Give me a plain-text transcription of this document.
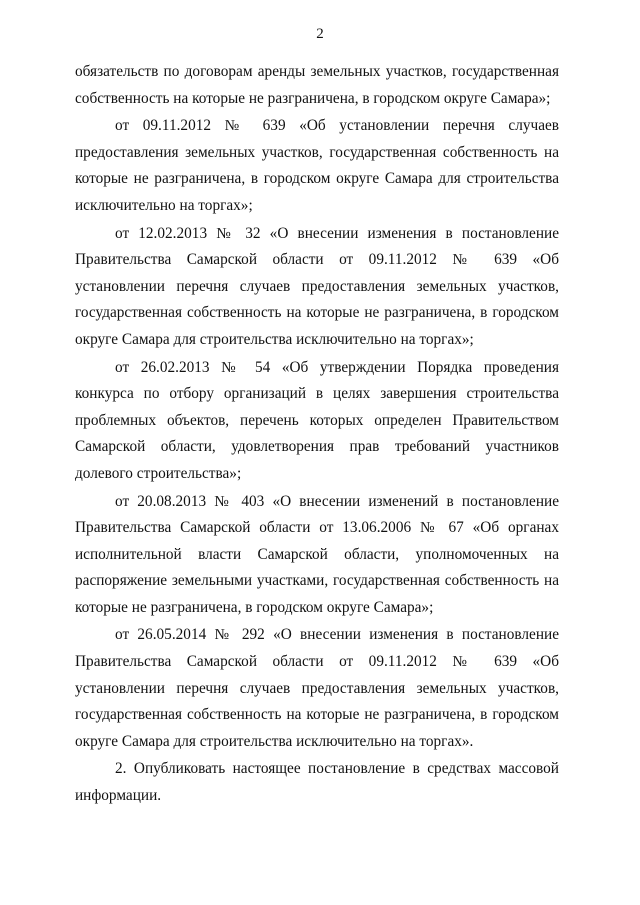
2

обязательств по договорам аренды земельных участков, государственная собственность на которые не разграничена, в городском округе Самара»;

от 09.11.2012 № 639 «Об установлении перечня случаев предоставления земельных участков, государственная собственность на которые не разграничена, в городском округе Самара для строительства исключительно на торгах»;

от 12.02.2013 № 32 «О внесении изменения в постановление Правительства Самарской области от 09.11.2012 № 639 «Об установлении перечня случаев предоставления земельных участков, государственная собственность на которые не разграничена, в городском округе Самара для строительства исключительно на торгах»;

от 26.02.2013 № 54 «Об утверждении Порядка проведения конкурса по отбору организаций в целях завершения строительства проблемных объектов, перечень которых определен Правительством Самарской области, удовлетворения прав требований участников долевого строительства»;

от 20.08.2013 № 403 «О внесении изменений в постановление Правительства Самарской области от 13.06.2006 № 67 «Об органах исполнительной власти Самарской области, уполномоченных на распоряжение земельными участками, государственная собственность на которые не разграничена, в городском округе Самара»;

от 26.05.2014 № 292 «О внесении изменения в постановление Правительства Самарской области от 09.11.2012 № 639 «Об установлении перечня случаев предоставления земельных участков, государственная собственность на которые не разграничена, в городском округе Самара для строительства исключительно на торгах».

2. Опубликовать настоящее постановление в средствах массовой информации.
